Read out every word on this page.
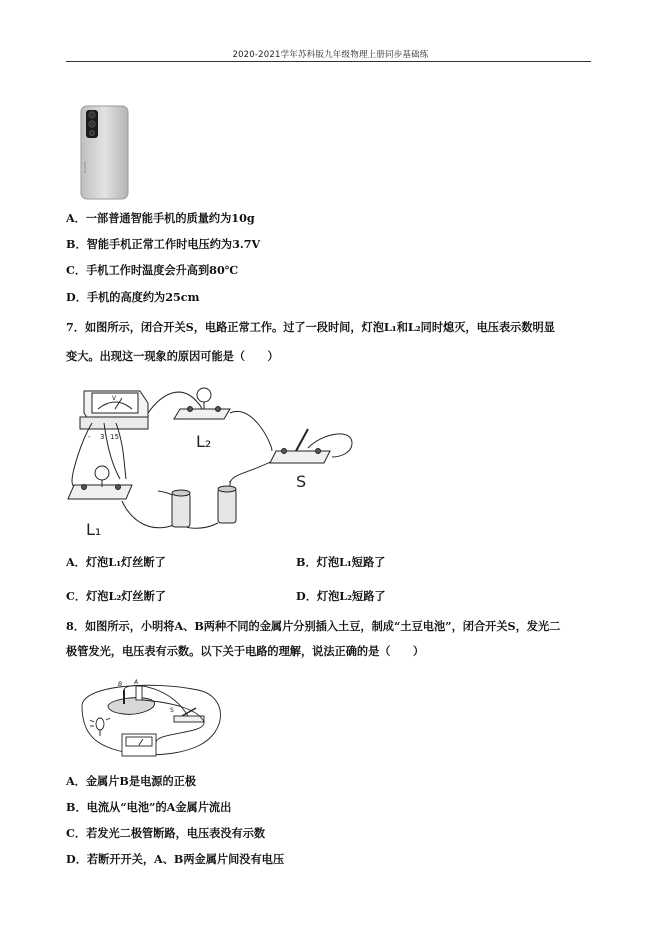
2020-2021学年苏科版九年级物理上册同步基础练
HUAWEI
A．一部普通智能手机的质量约为10g
B．智能手机正常工作时电压约为3.7V
C．手机工作时温度会升高到80℃
D．手机的高度约为25cm
7．如图所示，闭合开关S，电路正常工作。过了一段时间，灯泡L₁和L₂同时熄灭，电压表示数明显
变大。出现这一现象的原因可能是（　　）
V
- 3 15	L₂
S
L₁
A．灯泡L₁灯丝断了	B．灯泡L₁短路了
C．灯泡L₂灯丝断了	D．灯泡L₂短路了
8．如图所示，小明将A、B两种不同的金属片分别插入土豆，制成“土豆电池”，闭合开关S，发光二
极管发光，电压表有示数。以下关于电路的理解，说法正确的是（　　）
B A
S
A．金属片B是电源的正极
B．电流从“电池”的A金属片流出
C．若发光二极管断路，电压表没有示数
D．若断开开关，A、B两金属片间没有电压
